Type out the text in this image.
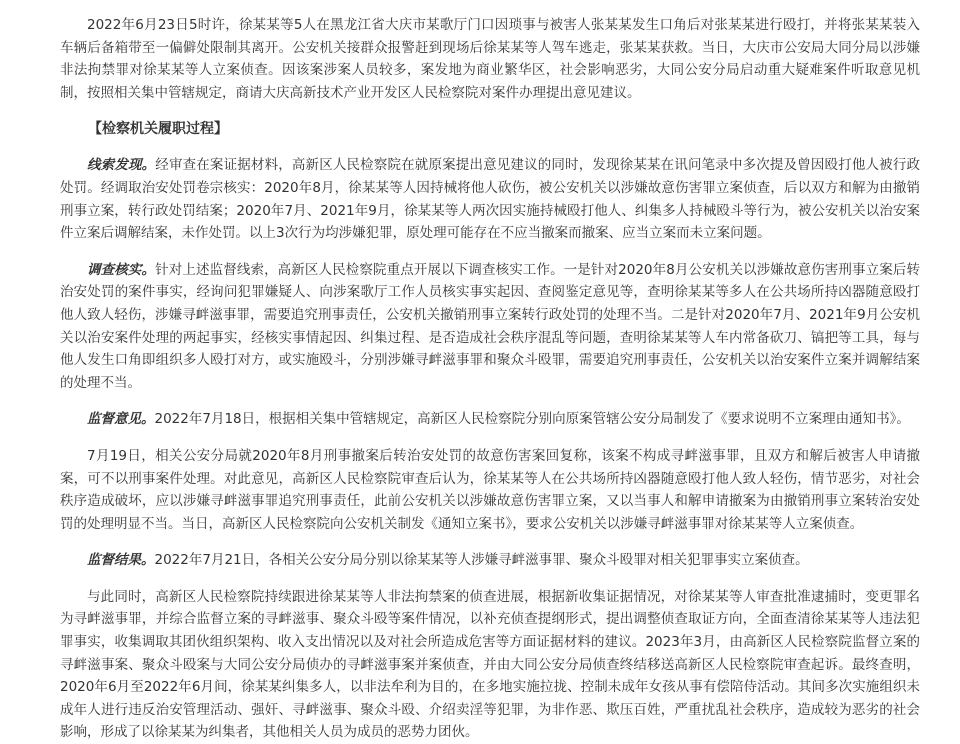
2022年6月23日5时许，徐某某等5人在黑龙江省大庆市某歌厅门口因琐事与被害人张某某发生口角后对张某某进行殴打，并将张某某装入车辆后备箱带至一偏僻处限制其离开。公安机关接群众报警赶到现场后徐某某等人驾车逃走，张某某获救。当日，大庆市公安局大同分局以涉嫌非法拘禁罪对徐某某等人立案侦查。因该案涉案人员较多，案发地为商业繁华区，社会影响恶劣，大同公安分局启动重大疑难案件听取意见机制，按照相关集中管辖规定，商请大庆高新技术产业开发区人民检察院对案件办理提出意见建议。

【检察机关履职过程】

线索发现。经审查在案证据材料，高新区人民检察院在就原案提出意见建议的同时，发现徐某某在讯问笔录中多次提及曾因殴打他人被行政处罚。经调取治安处罚卷宗核实：2020年8月，徐某某等人因持械将他人砍伤，被公安机关以涉嫌故意伤害罪立案侦查，后以双方和解为由撤销刑事立案，转行政处罚结案；2020年7月、2021年9月，徐某某等人两次因实施持械殴打他人、纠集多人持械殴斗等行为，被公安机关以治安案件立案后调解结案，未作处罚。以上3次行为均涉嫌犯罪，原处理可能存在不应当撤案而撤案、应当立案而未立案问题。

调查核实。针对上述监督线索，高新区人民检察院重点开展以下调查核实工作。一是针对2020年8月公安机关以涉嫌故意伤害刑事立案后转治安处罚的案件事实，经询问犯罪嫌疑人、向涉案歌厅工作人员核实事实起因、查阅鉴定意见等，查明徐某某等多人在公共场所持凶器随意殴打他人致人轻伤，涉嫌寻衅滋事罪，需要追究刑事责任，公安机关撤销刑事立案转行政处罚的处理不当。二是针对2020年7月、2021年9月公安机关以治安案件处理的两起事实，经核实事情起因、纠集过程、是否造成社会秩序混乱等问题，查明徐某某等人车内常备砍刀、镐把等工具，每与他人发生口角即组织多人殴打对方，或实施殴斗，分别涉嫌寻衅滋事罪和聚众斗殴罪，需要追究刑事责任，公安机关以治安案件立案并调解结案的处理不当。

监督意见。2022年7月18日，根据相关集中管辖规定，高新区人民检察院分别向原案管辖公安分局制发了《要求说明不立案理由通知书》。

7月19日，相关公安分局就2020年8月刑事撤案后转治安处罚的故意伤害案回复称，该案不构成寻衅滋事罪，且双方和解后被害人申请撤案，可不以刑事案件处理。对此意见，高新区人民检察院审查后认为，徐某某等人在公共场所持凶器随意殴打他人致人轻伤，情节恶劣，对社会秩序造成破坏，应以涉嫌寻衅滋事罪追究刑事责任，此前公安机关以涉嫌故意伤害罪立案，又以当事人和解申请撤案为由撤销刑事立案转治安处罚的处理明显不当。当日，高新区人民检察院向公安机关制发《通知立案书》，要求公安机关以涉嫌寻衅滋事罪对徐某某等人立案侦查。

监督结果。2022年7月21日，各相关公安分局分别以徐某某等人涉嫌寻衅滋事罪、聚众斗殴罪对相关犯罪事实立案侦查。

与此同时，高新区人民检察院持续跟进徐某某等人非法拘禁案的侦查进展，根据新收集证据情况，对徐某某等人审查批准逮捕时，变更罪名为寻衅滋事罪，并综合监督立案的寻衅滋事、聚众斗殴等案件情况，以补充侦查提纲形式，提出调整侦查取证方向，全面查清徐某某等人违法犯罪事实，收集调取其团伙组织架构、收入支出情况以及对社会所造成危害等方面证据材料的建议。2023年3月，由高新区人民检察院监督立案的寻衅滋事案、聚众斗殴案与大同公安分局侦办的寻衅滋事案并案侦查，并由大同公安分局侦查终结移送高新区人民检察院审查起诉。最终查明，2020年6月至2022年6月间，徐某某纠集多人，以非法牟利为目的，在多地实施拉拢、控制未成年女孩从事有偿陪侍活动。其间多次实施组织未成年人进行违反治安管理活动、强奸、寻衅滋事、聚众斗殴、介绍卖淫等犯罪，为非作恶、欺压百姓，严重扰乱社会秩序，造成较为恶劣的社会影响，形成了以徐某某为纠集者，其他相关人员为成员的恶势力团伙。
